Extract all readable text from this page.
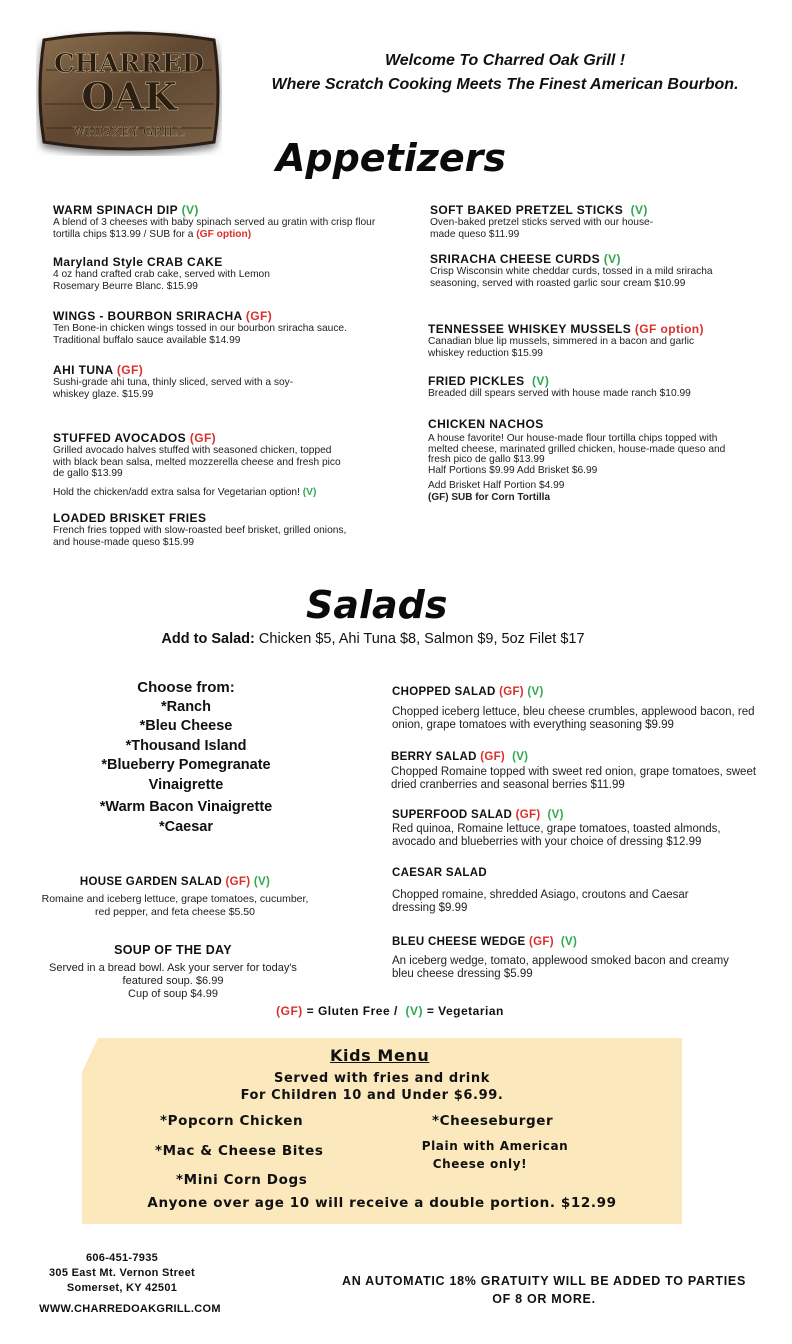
CHARRED
OAK
WHISKEY GRILL
Welcome To Charred Oak Grill !
Where Scratch Cooking Meets The Finest American Bourbon.
Appetizers
WARM SPINACH DIP (V)
A blend of 3 cheeses with baby spinach served au gratin with crisp flour tortilla chips $13.99 / SUB for a (GF option)
Maryland Style CRAB CAKE
4 oz hand crafted crab cake, served with Lemon Rosemary Beurre Blanc. $15.99
WINGS - BOURBON SRIRACHA (GF)
Ten Bone-in chicken wings tossed in our bourbon sriracha sauce. Traditional buffalo sauce available $14.99
AHI TUNA (GF)
Sushi-grade ahi tuna, thinly sliced, served with a soy-whiskey glaze. $15.99
STUFFED AVOCADOS (GF)
Grilled avocado halves stuffed with seasoned chicken, topped with black bean salsa, melted mozzerella cheese and fresh pico de gallo $13.99
Hold the chicken/add extra salsa for Vegetarian option! (V)
LOADED BRISKET FRIES
French fries topped with slow-roasted beef brisket, grilled onions, and house-made queso $15.99
SOFT BAKED PRETZEL STICKS (V)
Oven-baked pretzel sticks served with our house-made queso $11.99
SRIRACHA CHEESE CURDS (V)
Crisp Wisconsin white cheddar curds, tossed in a mild sriracha seasoning, served with roasted garlic sour cream $10.99
TENNESSEE WHISKEY MUSSELS (GF option)
Canadian blue lip mussels, simmered in a bacon and garlic whiskey reduction $15.99
FRIED PICKLES (V)
Breaded dill spears served with house made ranch $10.99
CHICKEN NACHOS
A house favorite! Our house-made flour tortilla chips topped with melted cheese, marinated grilled chicken, house-made queso and fresh pico de gallo $13.99
Half Portions $9.99 Add Brisket $6.99
Add Brisket Half Portion $4.99
(GF) SUB for Corn Tortilla
Salads
Add to Salad: Chicken $5, Ahi Tuna $8, Salmon $9, 5oz Filet $17
Choose from:
*Ranch
*Bleu Cheese
*Thousand Island
*Blueberry Pomegranate
Vinaigrette
*Warm Bacon Vinaigrette
*Caesar
HOUSE GARDEN SALAD (GF) (V)
Romaine and iceberg lettuce, grape tomatoes, cucumber, red pepper, and feta cheese $5.50
SOUP OF THE DAY
Served in a bread bowl. Ask your server for today's
featured soup. $6.99
Cup of soup $4.99
CHOPPED SALAD (GF) (V)
Chopped iceberg lettuce, bleu cheese crumbles, applewood bacon, red onion, grape tomatoes with everything seasoning $9.99
BERRY SALAD (GF) (V)
Chopped Romaine topped with sweet red onion, grape tomatoes, sweet dried cranberries and seasonal berries $11.99
SUPERFOOD SALAD (GF) (V)
Red quinoa, Romaine lettuce, grape tomatoes, toasted almonds, avocado and blueberries with your choice of dressing $12.99
CAESAR SALAD
Chopped romaine, shredded Asiago, croutons and Caesar dressing $9.99
BLEU CHEESE WEDGE (GF) (V)
An iceberg wedge, tomato, applewood smoked bacon and creamy bleu cheese dressing $5.99
(GF) = Gluten Free /  (V) = Vegetarian
Kids Menu
Served with fries and drink
For Children 10 and Under $6.99.
*Popcorn Chicken
*Mac & Cheese Bites
*Mini Corn Dogs
*Cheeseburger
Plain with American
Cheese only!
Anyone over age 10 will receive a double portion. $12.99
606-451-7935
305 East Mt. Vernon Street
Somerset, KY 42501
WWW.CHARREDOAKGRILL.COM
AN AUTOMATIC 18% GRATUITY WILL BE ADDED TO PARTIES
OF 8 OR MORE.
